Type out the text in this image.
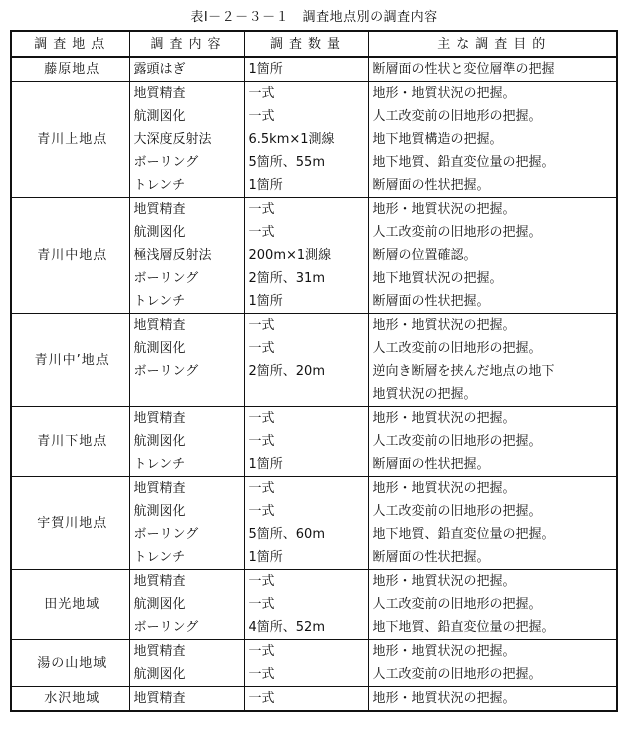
表Ⅰ－２－３－１　調査地点別の調査内容
調査地点	調査内容	調査数量	主な調査目的
藤原地点	露頭はぎ	1箇所	断層面の性状と変位層準の把握
青川上地点	地質精査	一式	地形・地質状況の把握。
	航測図化	一式	人工改変前の旧地形の把握。
	大深度反射法	6.5km×1測線	地下地質構造の把握。
	ボーリング	5箇所、55m	地下地質、鉛直変位量の把握。
	トレンチ	1箇所	断層面の性状把握。
青川中地点	地質精査	一式	地形・地質状況の把握。
	航測図化	一式	人工改変前の旧地形の把握。
	極浅層反射法	200m×1測線	断層の位置確認。
	ボーリング	2箇所、31m	地下地質状況の把握。
	トレンチ	1箇所	断層面の性状把握。
青川中’地点	地質精査	一式	地形・地質状況の把握。
	航測図化	一式	人工改変前の旧地形の把握。
	ボーリング	2箇所、20m	逆向き断層を挟んだ地点の地下
			地質状況の把握。
青川下地点	地質精査	一式	地形・地質状況の把握。
	航測図化	一式	人工改変前の旧地形の把握。
	トレンチ	1箇所	断層面の性状把握。
宇賀川地点	地質精査	一式	地形・地質状況の把握。
	航測図化	一式	人工改変前の旧地形の把握。
	ボーリング	5箇所、60m	地下地質、鉛直変位量の把握。
	トレンチ	1箇所	断層面の性状把握。
田光地域	地質精査	一式	地形・地質状況の把握。
	航測図化	一式	人工改変前の旧地形の把握。
	ボーリング	4箇所、52m	地下地質、鉛直変位量の把握。
湯の山地域	地質精査	一式	地形・地質状況の把握。
	航測図化	一式	人工改変前の旧地形の把握。
水沢地域	地質精査	一式	地形・地質状況の把握。
